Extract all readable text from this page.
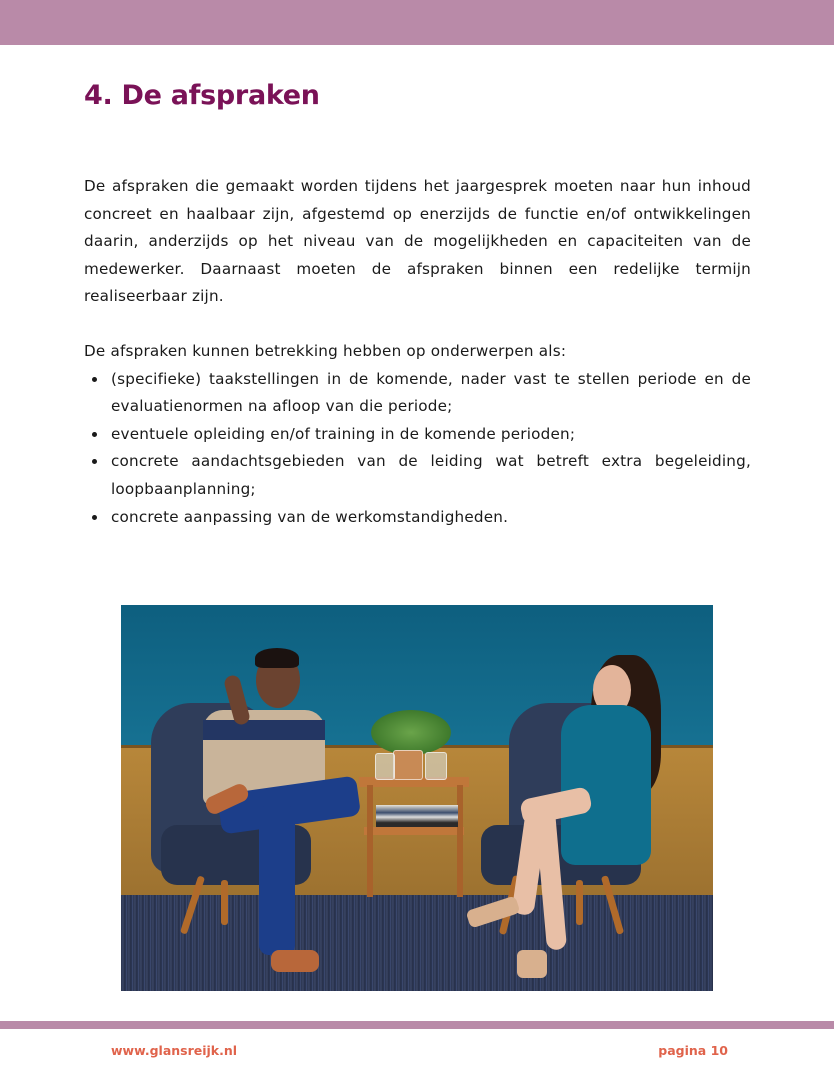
4. De afspraken

De afspraken die gemaakt worden tijdens het jaargesprek moeten naar hun inhoud concreet en haalbaar zijn, afgestemd op enerzijds de functie en/of ontwikkelingen daarin, anderzijds op het niveau van de mogelijkheden en capaciteiten van de medewerker. Daarnaast moeten de afspraken binnen een redelijke termijn realiseerbaar zijn.

De afspraken kunnen betrekking hebben op onderwerpen als:

(specifieke) taakstellingen in de komende, nader vast te stellen periode en de evaluatienormen na afloop van die periode;
eventuele opleiding en/of training in de komende perioden;
concrete aandachtsgebieden van de leiding wat betreft extra begeleiding, loopbaanplanning;
concrete aanpassing van de werkomstandigheden.
www.glansreijk.nl	pagina 10
